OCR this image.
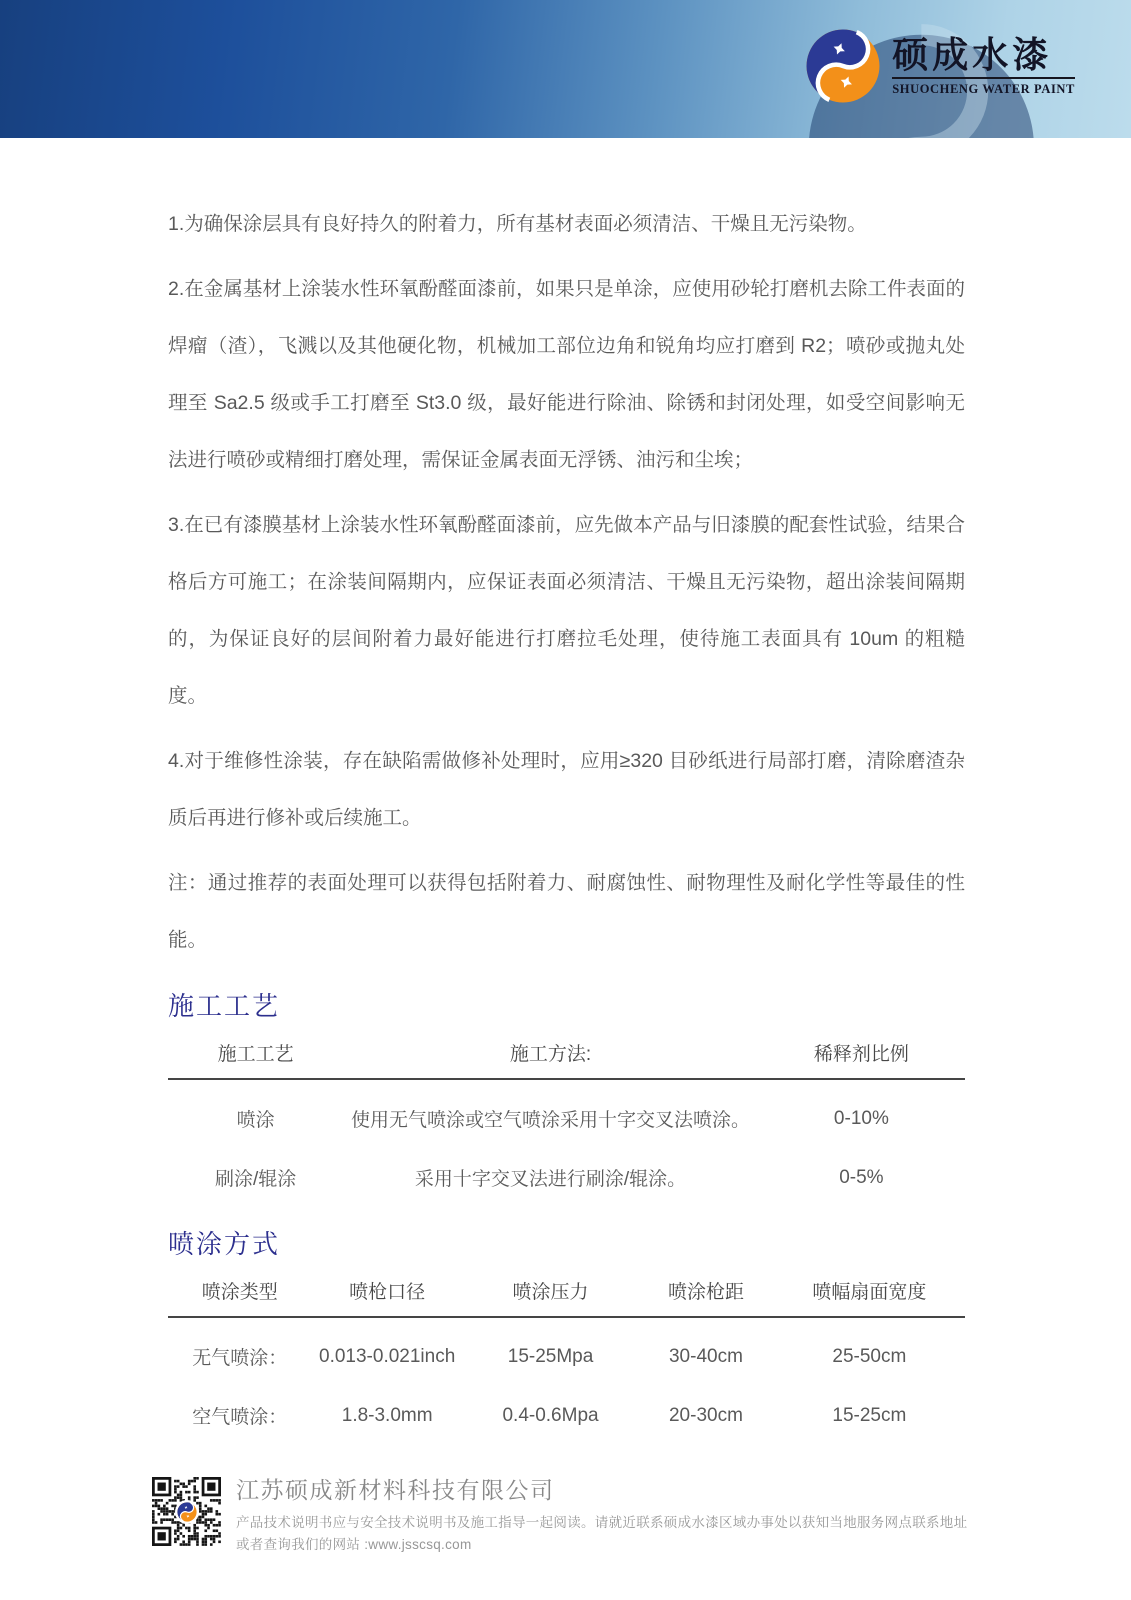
硕成水漆
SHUOCHENG WATER PAINT

1.为确保涂层具有良好持久的附着力，所有基材表面必须清洁、干燥且无污染物。

2.在金属基材上涂装水性环氧酚醛面漆前，如果只是单涂，应使用砂轮打磨机去除工件表面的焊瘤（渣），飞溅以及其他硬化物，机械加工部位边角和锐角均应打磨到 R2；喷砂或抛丸处理至 Sa2.5 级或手工打磨至 St3.0 级，最好能进行除油、除锈和封闭处理，如受空间影响无法进行喷砂或精细打磨处理，需保证金属表面无浮锈、油污和尘埃；

3.在已有漆膜基材上涂装水性环氧酚醛面漆前，应先做本产品与旧漆膜的配套性试验，结果合格后方可施工；在涂装间隔期内，应保证表面必须清洁、干燥且无污染物，超出涂装间隔期的，为保证良好的层间附着力最好能进行打磨拉毛处理，使待施工表面具有 10um 的粗糙度。

4.对于维修性涂装，存在缺陷需做修补处理时，应用≥320 目砂纸进行局部打磨，清除磨渣杂质后再进行修补或后续施工。

注：通过推荐的表面处理可以获得包括附着力、耐腐蚀性、耐物理性及耐化学性等最佳的性能。

施工工艺
施工工艺	施工方法:	稀释剂比例
喷涂	使用无气喷涂或空气喷涂采用十字交叉法喷涂。	0-10%
刷涂/辊涂	采用十字交叉法进行刷涂/辊涂。	0-5%
喷涂方式
喷涂类型	喷枪口径	喷涂压力	喷涂枪距	喷幅扇面宽度
无气喷涂：	0.013-0.021inch	15-25Mpa	30-40cm	25-50cm
空气喷涂：	1.8-3.0mm	0.4-0.6Mpa	20-30cm	15-25cm
江苏硕成新材料科技有限公司

产品技术说明书应与安全技术说明书及施工指导一起阅读。请就近联系硕成水漆区域办事处以获知当地服务网点联系地址
或者查询我们的网站 :www.jsscsq.com
